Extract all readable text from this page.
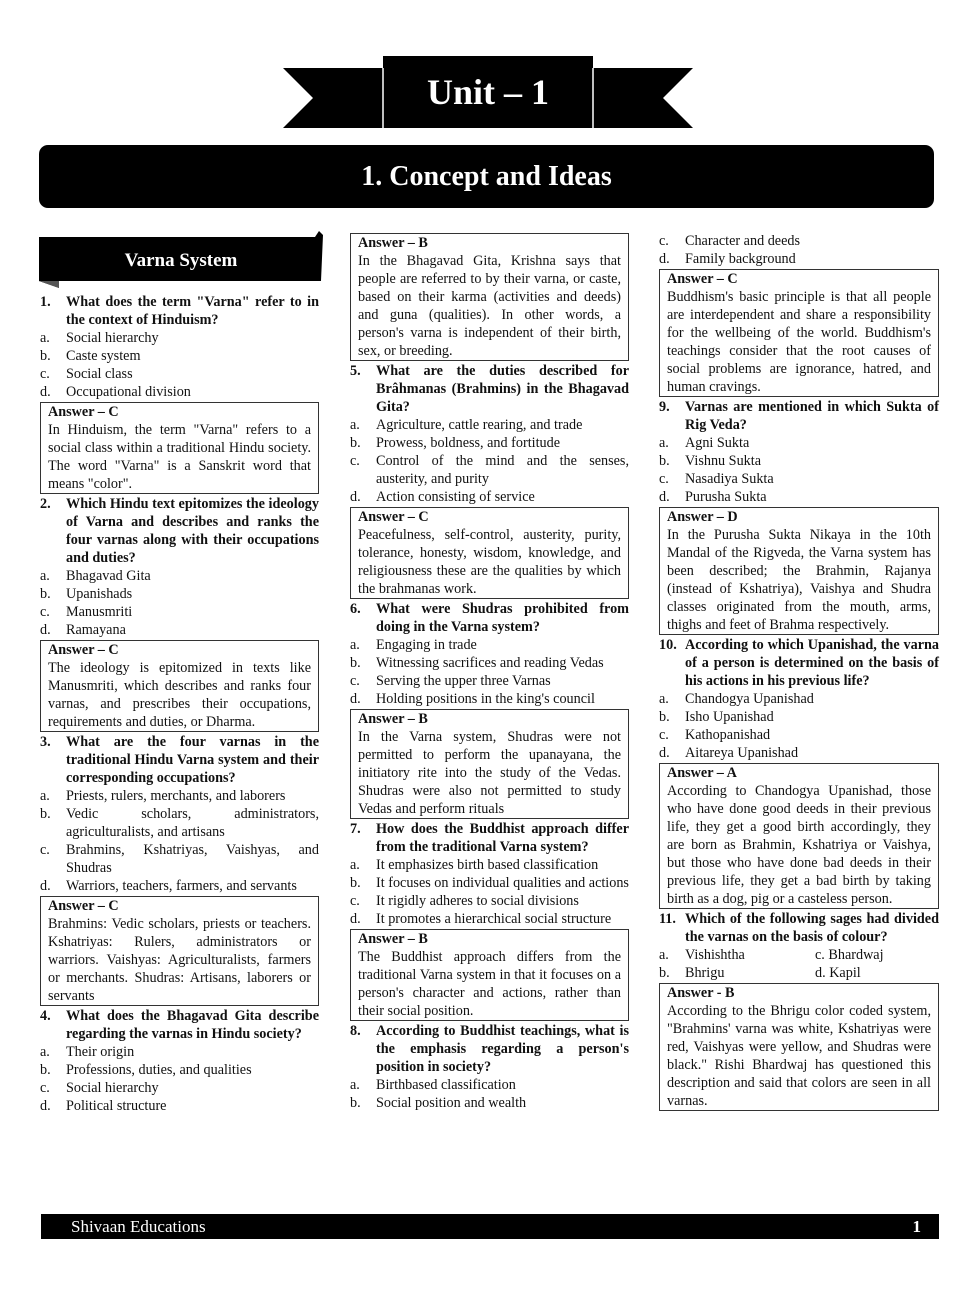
Unit – 1
1. Concept and Ideas
Varna System
1.	What does the term "Varna" refer to in the context of Hinduism?
a.	Social hierarchy
b.	Caste system
c.	Social class
d.	Occupational division
Answer – C
In Hinduism, the term "Varna" refers to a social class within a traditional Hindu society. The word "Varna" is a Sanskrit word that means "color".
2.	Which Hindu text epitomizes the ideology of Varna and describes and ranks the four varnas along with their occupations and duties?
a.	Bhagavad Gita
b.	Upanishads
c.	Manusmriti
d.	Ramayana
Answer – C
The ideology is epitomized in texts like Manusmriti, which describes and ranks four varnas, and prescribes their occupations, requirements and duties, or Dharma.
3.	What are the four varnas in the traditional Hindu Varna system and their corresponding occupations?
a.	Priests, rulers, merchants, and laborers
b.	Vedic scholars, administrators, agriculturalists, and artisans
c.	Brahmins, Kshatriyas, Vaishyas, and Shudras
d.	Warriors, teachers, farmers, and servants
Answer – C
Brahmins: Vedic scholars, priests or teachers. Kshatriyas: Rulers, administrators or warriors. Vaishyas: Agriculturalists, farmers or merchants. Shudras: Artisans, laborers or servants
4.	What does the Bhagavad Gita describe regarding the varnas in Hindu society?
a.	Their origin
b.	Professions, duties, and qualities
c.	Social hierarchy
d.	Political structure
Answer – B
In the Bhagavad Gita, Krishna says that people are referred to by their varna, or caste, based on their karma (activities and deeds) and guna (qualities). In other words, a person's varna is independent of their birth, sex, or breeding.
5.	What are the duties described for Brâhmanas (Brahmins) in the Bhagavad Gita?
a.	Agriculture, cattle rearing, and trade
b.	Prowess, boldness, and fortitude
c.	Control of the mind and the senses, austerity, and purity
d.	Action consisting of service
Answer – C
Peacefulness, self-control, austerity, purity, tolerance, honesty, wisdom, knowledge, and religiousness these are the qualities by which the brahmanas work.
6.	What were Shudras prohibited from doing in the Varna system?
a.	Engaging in trade
b.	Witnessing sacrifices and reading Vedas
c.	Serving the upper three Varnas
d.	Holding positions in the king's council
Answer – B
In the Varna system, Shudras were not permitted to perform the upanayana, the initiatory rite into the study of the Vedas. Shudras were also not permitted to study Vedas and perform rituals
7.	How does the Buddhist approach differ from the traditional Varna system?
a.	It emphasizes birth based classification
b.	It focuses on individual qualities and actions
c.	It rigidly adheres to social divisions
d.	It promotes a hierarchical social structure
Answer – B
The Buddhist approach differs from the traditional Varna system in that it focuses on a person's character and actions, rather than their social position.
8.	According to Buddhist teachings, what is the emphasis regarding a person's position in society?
a.	Birthbased classification
b.	Social position and wealth
c.	Character and deeds
d.	Family background
Answer – C
Buddhism's basic principle is that all people are interdependent and share a responsibility for the wellbeing of the world. Buddhism's teachings consider that the root causes of social problems are ignorance, hatred, and human cravings.
9.	Varnas are mentioned in which Sukta of Rig Veda?
a.	Agni Sukta
b.	Vishnu Sukta
c.	Nasadiya Sukta
d.	Purusha Sukta
Answer – D
In the Purusha Sukta Nikaya in the 10th Mandal of the Rigveda, the Varna system has been described; the Brahmin, Rajanya (instead of Kshatriya), Vaishya and Shudra classes originated from the mouth, arms, thighs and feet of Brahma respectively.
10. According to which Upanishad, the varna of a person is determined on the basis of his actions in his previous life?
a.	Chandogya Upanishad
b.	Isho Upanishad
c.	Kathopanishad
d.	Aitareya Upanishad
Answer – A
According to Chandogya Upanishad, those who have done good deeds in their previous life, they get a good birth accordingly, they are born as Brahmin, Kshatriya or Vaishya, but those who have done bad deeds in their previous life, they get a bad birth by taking birth as a dog, pig or a casteless person.
11. Which of the following sages had divided the varnas on the basis of colour?
a.	Vishishtha	c. Bhardwaj
b.	Bhrigu	d. Kapil
Answer - B
According to the Bhrigu color coded system, "Brahmins' varna was white, Kshatriyas were red, Vaishyas were yellow, and Shudras were black." Rishi Bhardwaj has questioned this description and said that colors are seen in all varnas.
Shivaan Educations	1
